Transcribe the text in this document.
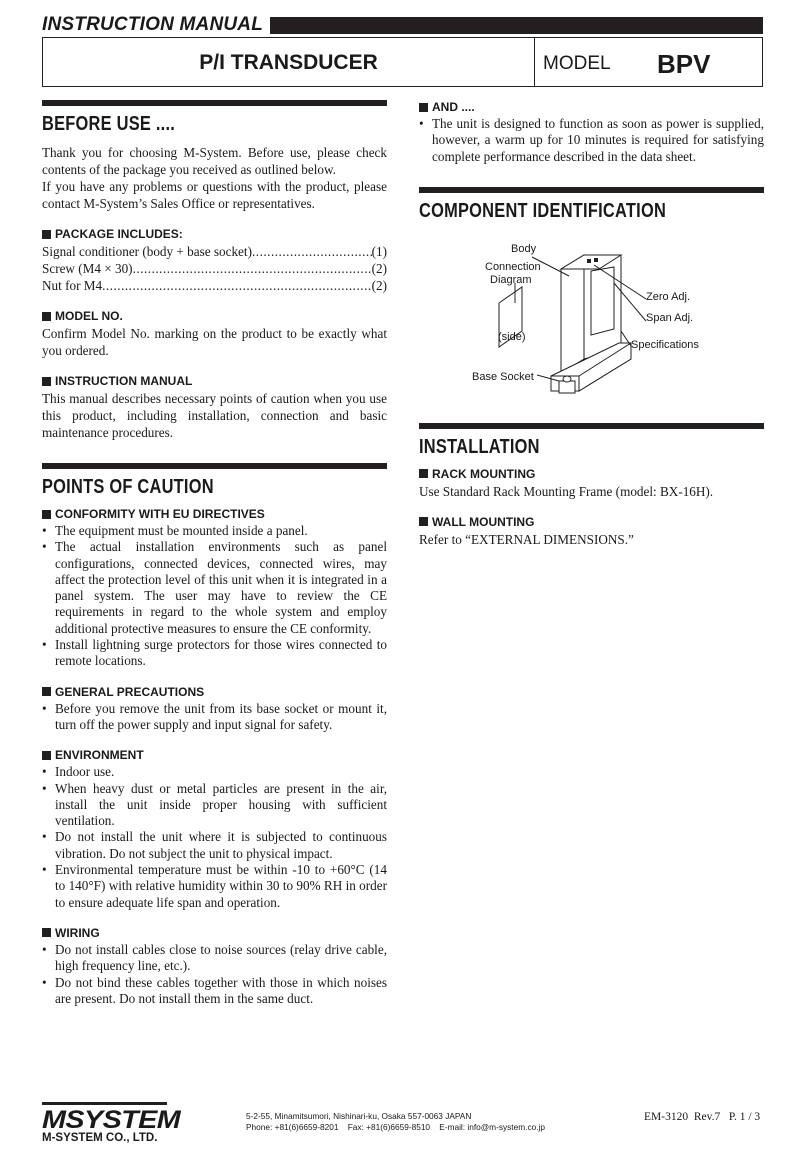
INSTRUCTION MANUAL
P/I TRANSDUCER	MODEL BPV
BEFORE USE ....

Thank you for choosing M-System. Before use, please check contents of the package you received as outlined below.

If you have any problems or questions with the product, please contact M-System’s Sales Office or representatives.

PACKAGE INCLUDES:
Signal conditioner (body + base socket) .....	(1)
Screw (M4 × 30) .....	(2)
Nut for M4 .....	(2)
MODEL NO.

Confirm Model No. marking on the product to be exactly what you ordered.

INSTRUCTION MANUAL

This manual describes necessary points of caution when you use this product, including installation, connection and basic maintenance procedures.

POINTS OF CAUTION
CONFORMITY WITH EU DIRECTIVES
• The equipment must be mounted inside a panel.
• The actual installation environments such as panel configurations, connected devices, connected wires, may affect the protection level of this unit when it is integrated in a panel system. The user may have to review the CE requirements in regard to the whole system and employ additional protective measures to ensure the CE conformity.
• Install lightning surge protectors for those wires connected to remote locations.
GENERAL PRECAUTIONS
• Before you remove the unit from its base socket or mount it, turn off the power supply and input signal for safety.
ENVIRONMENT
• Indoor use.
• When heavy dust or metal particles are present in the air, install the unit inside proper housing with sufficient ventilation.
• Do not install the unit where it is subjected to continuous vibration. Do not subject the unit to physical impact.
• Environmental temperature must be within -10 to +60°C (14 to 140°F) with relative humidity within 30 to 90% RH in order to ensure adequate life span and operation.
WIRING
• Do not install cables close to noise sources (relay drive cable, high frequency line, etc.).
• Do not bind these cables together with those in which noises are present. Do not install them in the same duct.
AND ....
• The unit is designed to function as soon as power is supplied, however, a warm up for 10 minutes is required for satisfying complete performance described in the data sheet.
COMPONENT IDENTIFICATION
Body
Connection
Diagram
(side)
Zero Adj.
Span Adj.
Specifications
Base Socket
INSTALLATION
RACK MOUNTING

Use Standard Rack Mounting Frame (model: BX-16H).

WALL MOUNTING

Refer to “EXTERNAL DIMENSIONS.”

MSYSTEM
M-SYSTEM CO., LTD.
5-2-55, Minamitsumori, Nishinari-ku, Osaka 557-0063 JAPAN
Phone: +81(6)6659-8201    Fax: +81(6)6659-8510    E-mail: info@m-system.co.jp
EM-3120  Rev.7   P. 1 / 3
